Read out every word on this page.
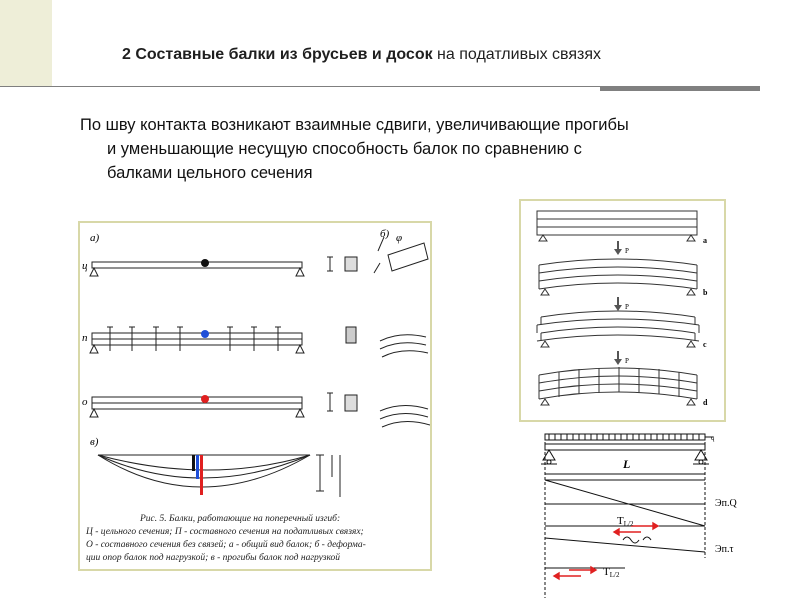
2 Составные балки из брусьев и досок на податливых связях
По шву контакта возникают взаимные сдвиги, увеличивающие прогибы
и уменьшающие несущую способность балок по сравнению с
балками цельного сечения
а)	б)
в)
ц
п
о
φ
Рис. 5. Балки, работающие на поперечный изгиб:
Ц - цельного сечения; П - составного сечения на податливых связях;
О - составного сечения без связей; а - общий вид балок; б - деформа-
ции опор балок под нагрузкой; в - прогибы балок под нагрузкой
P
P
P
a
b
c
d
q
L
Эп.Q
Эп.τ
TL/2
TL/2
